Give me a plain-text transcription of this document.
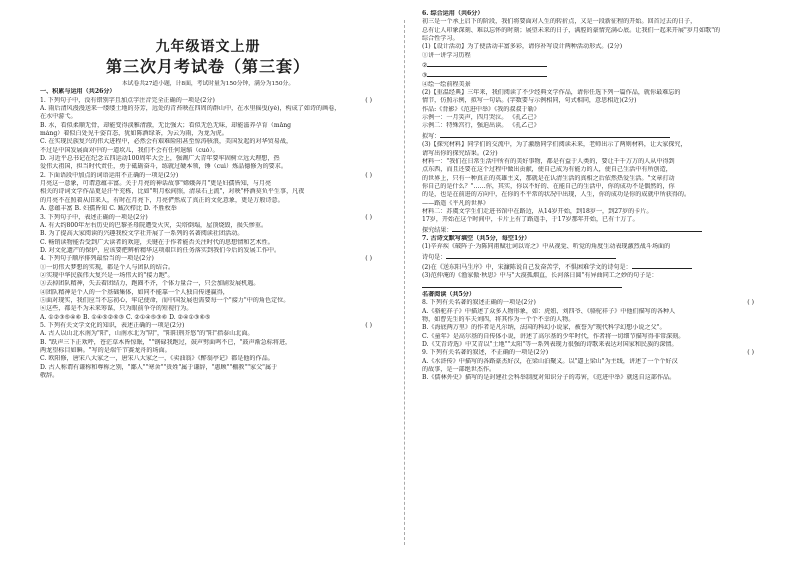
九年级语文上册
第三次月考试卷（第三套）
本试卷共27道小题，计8面，考试时量为150分钟，满分为150分。
一、积累与运用（共26分）
1. 下列句子中，没有错别字且加点字注音完全正确的一项是(2分)	( )
A. 雨后清风漫漫送来一缕缕土地的芬芳，远处的青苔映在四周的群山中，在水里摇曳(yè)，构成了如诗的画卷，
在水中游弋。
B. 水，看似柔顺无骨，却能变得淡雅清澈，无比强大；看似无色无味，却能滋养孕育（mǎng
máng）着似白处见千姿百态，犹如陈酒绿茶，为云为雨，为龙为虎。
C. 在实现民族复兴的伟大进程中，必然会有艰难险阻甚至惊涛骇浪，美国发起的对华贸易战，
不过是中国发展面对中的一道坎儿，我们不会有任何退缩（cuò）。
D. 习近平总书记在纪念五四运动100周年大会上，强调广大青年要牢固树立远大理想，热
爱伟大祖国，担当时代责任，勇于砥砺奋斗，练就过硬本领，锤（cuì）炼品德修为的要求。
2. 下面语段中加点的词语运用不正确的一项是(2分)	( )
月亮这一意象，可谓意蕴丰富。关于月亮的神话故事"嫦娥奔月"更是妇孺皆知，与月亮
相关的诗词文学作品更是汗牛充栋，比如"明月松间照，清泉石上流"，对映"杯酒莫负平生事，凡夜
的月亮不在照着从旧来人，有时在月亮下，月亮俨然成了真正的文化意象，更是万般诗意。
A. 意蕴丰富 B. 妇孺皆知 C. 臧次栉比 D. 不胜枚举
3. 下列句子中，表述正确的一项是(2分)	( )
A. 有大约800年左右历史的巴黎圣母院遭受火灾，尖塔倒塌，屋顶烧毁，损失惨重。
B. 为了提高大家阅读的兴趣我校文学社开展了一系列的名著阅读社团活动。
C. 畅销读物能否受到广大读者的欢迎，关键在于作者能否关注时代的思想情和艺术性。
D. 对文化遗产的保护，应该要把辨析精华这项艰巨的任务落实到我们今后的发展工作中。
4. 下列句子顺序排列最恰当的一项是(2分)	( )
①一切伟大梦想的实现，都是个人与团队的结合。
②实现中华民族伟大复兴是一场伟大的"接力跑"。
③去掉团队精神，失去着团结力，跑圈不齐，个体力量合一，只会加剧发展机遇。
④团队精神是个人的一个基础集体，如同不能靠一个人独自传递赢得，
⑤面对现实，我们应当不忘初心，牢记使命，而中国发展也需要每一个"接力"中的角色定位。
⑥这些，都是不为未来筹谋，只为眼前争夺的短视行为。
A. ①②③⑤④⑥ B. ①④⑤②⑥③ C. ②①④⑤③⑥ D. ②④①③⑥⑤
5. 下列有关文学文化的知识，表述正确的一项是(2分)	( )
A. 古人以山北水南为"阳"，山南水北为"阴"，"阳阳荆芥悠"的"阳"指泰山北面。
B. "跃声三下正欢呼，苍茫草木皆惊眠，""钢碌我跑过，鼓声劈面鸣不已，"鼓声渐急标将进，
两龙望标目如瞬。"写的是端午节赛龙舟的场面。
C. 欧阳修，唐宋八大家之一，唐宋八大家之一，《卖油翁》《醉翁亭记》都是他的作品。
D. 古人称谓有谦称和尊称之别，"鄙人""寒舍""贵姓"属于谦辞，"惠顾""棚教""家父"属于
敬辞。
6. 综合运用（共6分）
初三是一个承上启下的阶段，我们将要面对人生的转折点，又是一段新征程的开始。回首过去的日子，
总有让人印象深刻、难以忘怀的时刻；展望未来的日子，满腔的豪情充满心底。让我们一起来开展"岁月如歌"的
综合性学习。
(1)【设计活动】为了使活动丰富多彩，请你补写设计两种活动形式。(2分)
①讲一讲学习历程
②
③
④绘一绘前程美景
(2)【重温经典】三年来，我们阅读了不少经典文学作品，请你任选下列一篇作品，就你最难忘的
情节，仿照示例，拟写一句话。(字数要与示例相同，句式相同，意思相近)(2分)
作品:《背影》《范进中举》《我的叔叔于勒》
示例一：一月笑声，四月哭泣。 《孔乙己》
示例二：特殊宫行，强迫出读。 《孔乙己》
拟写：
(3)【探究材料】同学们的交流中，为了激励同学们阅读未来，老师出示了两则材料，让大家探究，
请写出你的探究结果。(2分)
材料一："我们在日常生活中所有的美好事物，都是有益于人类的，要让千千万万的人从中得到
点东西，而且还要在这个过程中做出贡献，使自己成为有能力的人，使自己生活中有所创造，
的世界上，只有一种真正的英雄主义，那就是在认清生活的真相之后依然热爱生活。"文章打动
你自己的是什么？"……你，其实，你以不好的、在能自己的生活中，你的成功不是偶然的，你
的是，也是在前进的方向中，在你的不平常的状况中出现，人生，你的成功是你的成就中所获得的。
——路遥《平凡的世界》
材料二：苏虞文学生们走进书馆中在路边，从14岁开始，到18岁一，到27岁的卡片。
17岁，开始在这个时间中，卡片上有了路遥手，于17岁那年开始，已有十万了。
探究结果：
7. 古诗文默写填空（共5分，每空1分）
(1)辛弃疾《破阵子·为陈同甫赋壮词以寄之》中从视觉、听觉的角度生动表现激烈战斗场面的
诗句是：
(2)在《送东阳马生序》中，宋濂陈说自己发奋苦学，不惧困难学文的诗句是：
(3)范仲淹的《渔家傲·秋思》中与"大漠孤烟直，长河落日圆"有异曲同工之妙的句子是：
名著阅读（共5分）
8. 下列有关名著的叙述正确的一项是(2分)	( )
A.《骆驼祥子》中描述了众多人物形象，如：虎妞、刘四爷、《骆驼祥子》中他们描写的各种人
物，如曹先生的车夫刘四，将其作为一个个不幸的人物。
B.《海底两万里》的作者是凡尔纳，法国的科幻小说家，被誉为"现代科学幻想小说之父"。
C.《童年》是高尔基的自传体小说，讲述了高尔基的少年时代，作者将一切细节描写得非常深刻。
D.《艾青诗选》中艾青以"土地""太阳"等一系列表现力很强的诗歌来表达对国家和民族的深情。
9. 下列有关名著的叙述，不正确的一项是(2分)	( )
A.《水浒传》中描写的各路豪杰好汉，在梁山泊聚义。以"逼上梁山"为主线，讲述了一个个好汉
的故事，是一部绝世杰作。
B.《儒林外史》描写的是封建社会科举制度对知识分子的毒害，《范进中举》就选自这部作品。
